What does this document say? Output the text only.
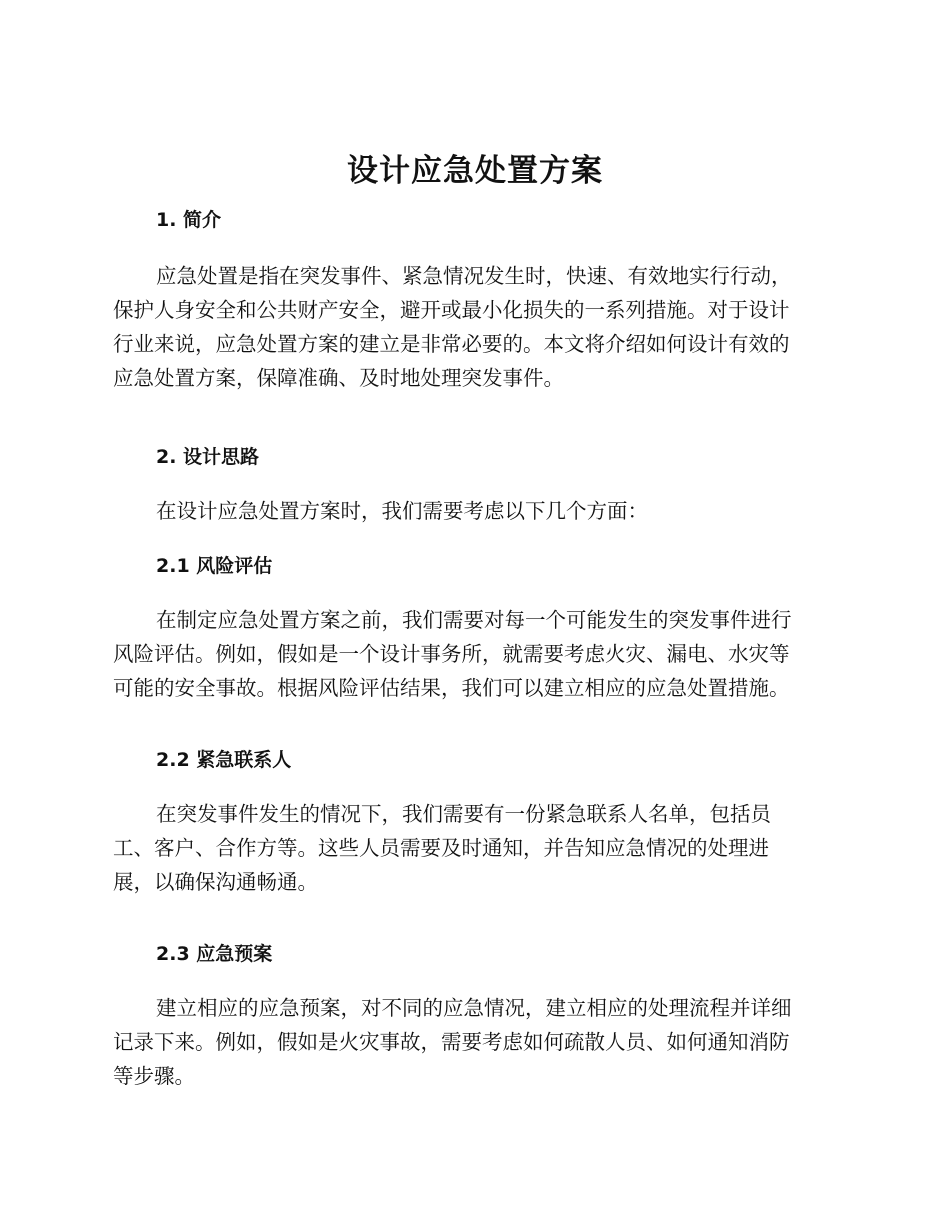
设计应急处置方案
1. 简介
应急处置是指在突发事件、紧急情况发生时，快速、有效地实行行动，
保护人身安全和公共财产安全，避开或最小化损失的一系列措施。对于设计
行业来说，应急处置方案的建立是非常必要的。本文将介绍如何设计有效的
应急处置方案，保障准确、及时地处理突发事件。
2. 设计思路
在设计应急处置方案时，我们需要考虑以下几个方面：
2.1 风险评估
在制定应急处置方案之前，我们需要对每一个可能发生的突发事件进行
风险评估。例如，假如是一个设计事务所，就需要考虑火灾、漏电、水灾等
可能的安全事故。根据风险评估结果，我们可以建立相应的应急处置措施。
2.2 紧急联系人
在突发事件发生的情况下，我们需要有一份紧急联系人名单，包括员
工、客户、合作方等。这些人员需要及时通知，并告知应急情况的处理进
展，以确保沟通畅通。
2.3 应急预案
建立相应的应急预案，对不同的应急情况，建立相应的处理流程并详细
记录下来。例如，假如是火灾事故，需要考虑如何疏散人员、如何通知消防
等步骤。
